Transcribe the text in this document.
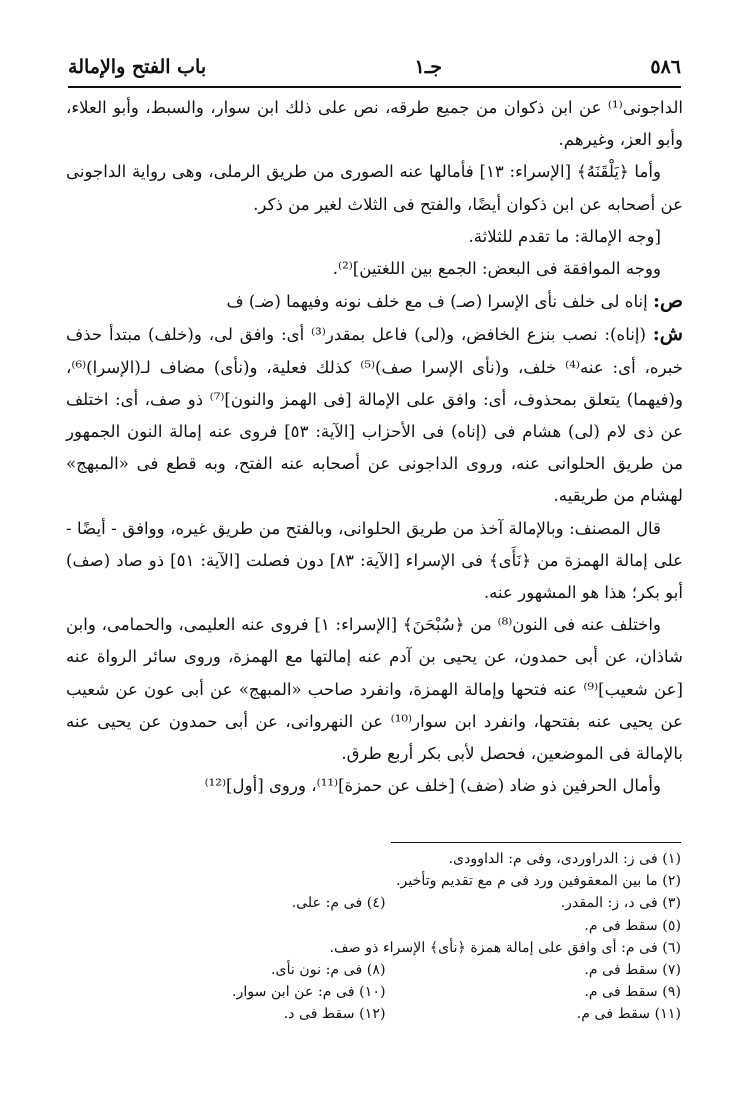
٥٨٦
جـ١
باب الفتح والإمالة

الداجونى⁽¹⁾ عن ابن ذكوان من جميع طرقه، نص على ذلك ابن سوار، والسبط، وأبو العلاء، وأبو العز، وغيرهم.

وأما ﴿يَلْقَنَهُ﴾ [الإسراء: ١٣] فأمالها عنه الصورى من طريق الرملى، وهى رواية الداجونى عن أصحابه عن ابن ذكوان أيضًا، والفتح فى الثلاث لغير من ذكر.

[وجه الإمالة: ما تقدم للثلاثة.

ووجه الموافقة فى البعض: الجمع بين اللغتين]⁽²⁾.

ص: إناه لى خلف نأى الإسرا (صـ) ف مع خلف نونه وفيهما (ضـ) ف

ش: (إناه): نصب بنزع الخافض، و(لى) فاعل بمقدر⁽³⁾ أى: وافق لى، و(خلف) مبتدأ حذف خبره، أى: عنه⁽⁴⁾ خلف، و(نأى الإسرا صف)⁽⁵⁾ كذلك فعلية، و(نأى) مضاف لـ(الإسرا)⁽⁶⁾، و(فيهما) يتعلق بمحذوف، أى: وافق على الإمالة [فى الهمز والنون]⁽⁷⁾ ذو صف، أى: اختلف عن ذى لام (لى) هشام فى (إناه) فى الأحزاب [الآية: ٥٣] فروى عنه إمالة النون الجمهور من طريق الحلوانى عنه، وروى الداجونى عن أصحابه عنه الفتح، وبه قطع فى «المبهج» لهشام من طريقيه.

قال المصنف: وبالإمالة آخذ من طريق الحلوانى، وبالفتح من طريق غيره، ووافق - أيضًا - على إمالة الهمزة من ﴿نَأَى﴾ فى الإسراء [الآية: ٨٣] دون فصلت [الآية: ٥١] ذو صاد (صف) أبو بكر؛ هذا هو المشهور عنه.

واختلف عنه فى النون⁽⁸⁾ من ﴿سُبْحَنَ﴾ [الإسراء: ١] فروى عنه العليمى، والحمامى، وابن شاذان، عن أبى حمدون، عن يحيى بن آدم عنه إمالتها مع الهمزة، وروى سائر الرواة عنه [عن شعيب]⁽⁹⁾ عنه فتحها وإمالة الهمزة، وانفرد صاحب «المبهج» عن أبى عون عن شعيب عن يحيى عنه بفتحها، وانفرد ابن سوار⁽¹⁰⁾ عن النهروانى، عن أبى حمدون عن يحيى عنه بالإمالة فى الموضعين، فحصل لأبى بكر أربع طرق.

وأمال الحرفين ذو ضاد (ضف) [خلف عن حمزة]⁽¹¹⁾، وروى [أول]⁽¹²⁾

(١) فى ز: الدراوردى، وفى م: الداوودى.
(٢) ما بين المعقوفين ورد فى م مع تقديم وتأخير.
(٣) فى د، ز: المقدر.
(٤) فى م: على.
(٥) سقط فى م.
(٦) فى م: أى وافق على إمالة همزة ﴿نأى﴾ الإسراء ذو صف.
(٧) سقط فى م.
(٨) فى م: نون نأى.
(٩) سقط فى م.
(١٠) فى م: عن ابن سوار.
(١١) سقط فى م.
(١٢) سقط فى د.
